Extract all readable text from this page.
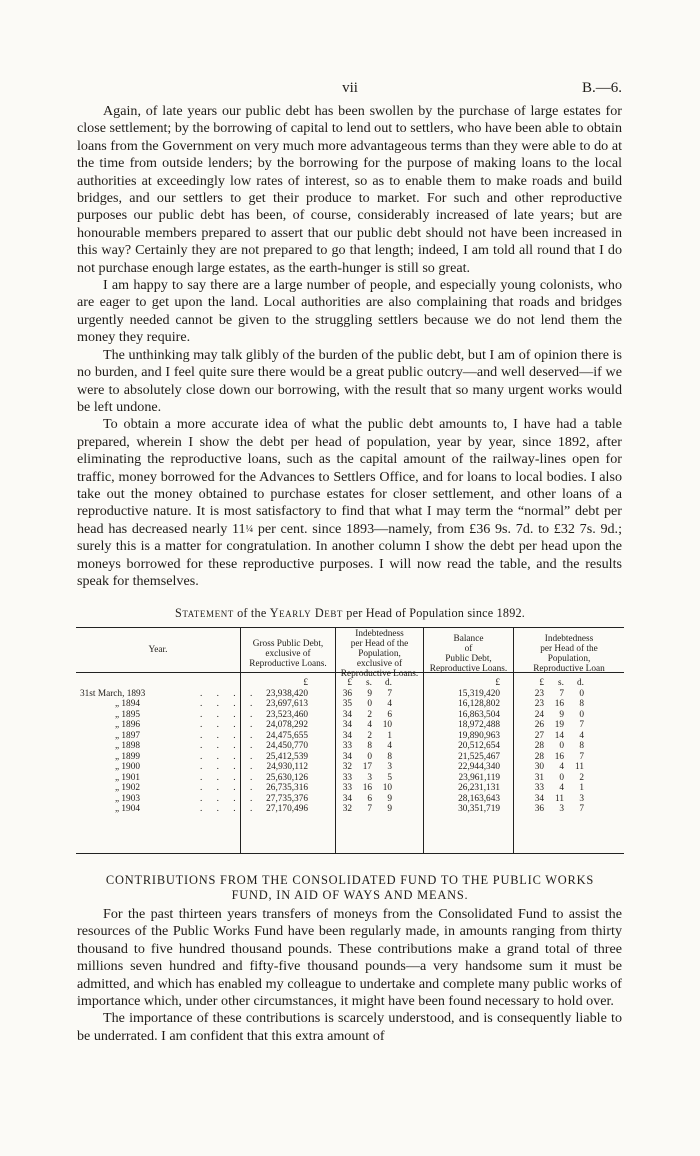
vii	B.—6.

Again, of late years our public debt has been swollen by the purchase of large estates for close settlement; by the borrowing of capital to lend out to settlers, who have been able to obtain loans from the Government on very much more advantageous terms than they were able to do at the time from outside lenders; by the borrowing for the purpose of making loans to the local authorities at exceedingly low rates of interest, so as to enable them to make roads and build bridges, and our settlers to get their produce to market. For such and other reproductive purposes our public debt has been, of course, considerably increased of late years; but are honourable members prepared to assert that our public debt should not have been increased in this way? Certainly they are not prepared to go that length; indeed, I am told all round that I do not purchase enough large estates, as the earth-hunger is still so great.

I am happy to say there are a large number of people, and especially young colonists, who are eager to get upon the land. Local authorities are also complaining that roads and bridges urgently needed cannot be given to the struggling settlers because we do not lend them the money they require.

The unthinking may talk glibly of the burden of the public debt, but I am of opinion there is no burden, and I feel quite sure there would be a great public outcry—and well deserved—if we were to absolutely close down our borrowing, with the result that so many urgent works would be left undone.

To obtain a more accurate idea of what the public debt amounts to, I have had a table prepared, wherein I show the debt per head of population, year by year, since 1892, after eliminating the reproductive loans, such as the capital amount of the railway-lines open for traffic, money borrowed for the Advances to Settlers Office, and for loans to local bodies. I also take out the money obtained to purchase estates for closer settlement, and other loans of a reproductive nature. It is most satisfactory to find that what I may term the “normal” debt per head has decreased nearly 11¼ per cent. since 1893—namely, from £36 9s. 7d. to £32 7s. 9d.; surely this is a matter for congratulation. In another column I show the debt per head upon the moneys borrowed for these reproductive purposes. I will now read the table, and the results speak for themselves.

Statement of the Yearly Debt per Head of Population since 1892.
Year.
Gross Public Debt,
exclusive of
Reproductive Loans.
Indebtedness
per Head of the
Population,
exclusive of
Reproductive Loans.
Balance
of
Public Debt,
Reproductive Loans.
Indebtedness
per Head of the
Population,
Reproductive Loan
£	£	s.	d.	£	£	s.	d.
31st March, 1893	. . . . 23,938,420	36	9	7	15,319,420	23	7	0
„ 1894	. . . . 23,697,613	35	0	4	16,128,802	23	16	8
„ 1895	. . . . 23,523,460	34	2	6	16,863,504	24	9	0
„ 1896	. . . . 24,078,292	34	4	10	18,972,488	26	19	7
„ 1897	. . . . 24,475,655	34	2	1	19,890,963	27	14	4
„ 1898	. . . . 24,450,770	33	8	4	20,512,654	28	0	8
„ 1899	. . . . 25,412,539	34	0	8	21,525,467	28	16	7
„ 1900	. . . . 24,930,112	32	17	3	22,944,340	30	4	11
„ 1901	. . . . 25,630,126	33	3	5	23,961,119	31	0	2
„ 1902	. . . . 26,735,316	33	16	10	26,231,131	33	4	1
„ 1903	. . . . 27,735,376	34	6	9	28,163,643	34	11	3
„ 1904	. . . . 27,170,496	32	7	9	30,351,719	36	3	7
CONTRIBUTIONS FROM THE CONSOLIDATED FUND TO THE PUBLIC WORKS
FUND, IN AID OF WAYS AND MEANS.

For the past thirteen years transfers of moneys from the Consolidated Fund to assist the resources of the Public Works Fund have been regularly made, in amounts ranging from thirty thousand to five hundred thousand pounds. These contributions make a grand total of three millions seven hundred and fifty-five thousand pounds—a very handsome sum it must be admitted, and which has enabled my colleague to undertake and complete many public works of importance which, under other circumstances, it might have been found necessary to hold over.

The importance of these contributions is scarcely understood, and is consequently liable to be underrated. I am confident that this extra amount of
